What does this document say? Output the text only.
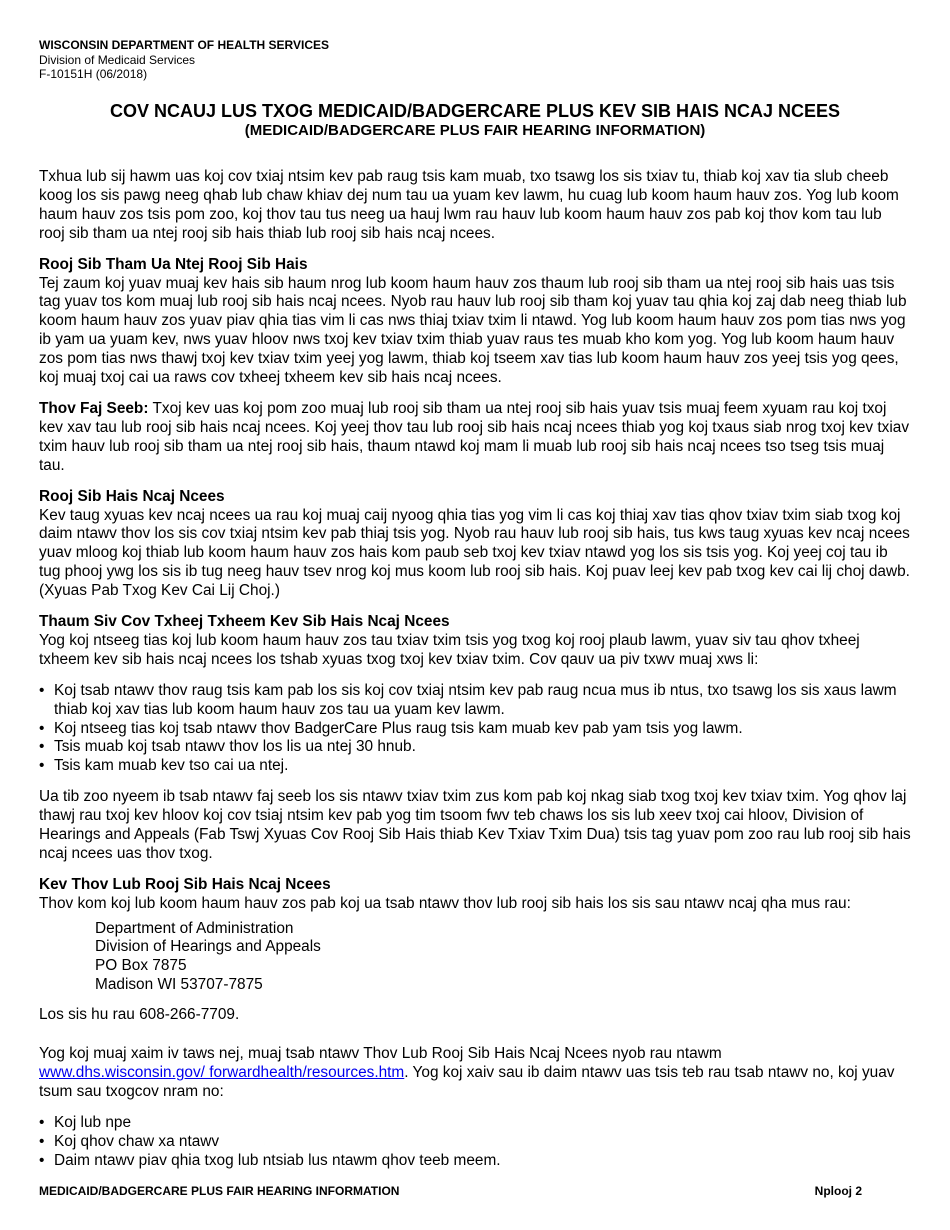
WISCONSIN DEPARTMENT OF HEALTH SERVICES
Division of Medicaid Services
F-10151H (06/2018)
COV NCAUJ LUS TXOG MEDICAID/BADGERCARE PLUS KEV SIB HAIS NCAJ NCEES
(MEDICAID/BADGERCARE PLUS FAIR HEARING INFORMATION)

Txhua lub sij hawm uas koj cov txiaj ntsim kev pab raug tsis kam muab, txo tsawg los sis txiav tu, thiab koj xav tia slub cheeb koog los sis pawg neeg qhab lub chaw khiav dej num tau ua yuam kev lawm, hu cuag lub koom haum hauv zos. Yog lub koom haum hauv zos tsis pom zoo, koj thov tau tus neeg ua hauj lwm rau hauv lub koom haum hauv zos pab koj thov kom tau lub rooj sib tham ua ntej rooj sib hais thiab lub rooj sib hais ncaj ncees.

Rooj Sib Tham Ua Ntej Rooj Sib Hais

Tej zaum koj yuav muaj kev hais sib haum nrog lub koom haum hauv zos thaum lub rooj sib tham ua ntej rooj sib hais uas tsis tag yuav tos kom muaj lub rooj sib hais ncaj ncees. Nyob rau hauv lub rooj sib tham koj yuav tau qhia koj zaj dab neeg thiab lub koom haum hauv zos yuav piav qhia tias vim li cas nws thiaj txiav txim li ntawd. Yog lub koom haum hauv zos pom tias nws yog ib yam ua yuam kev, nws yuav hloov nws txoj kev txiav txim thiab yuav raus tes muab kho kom yog. Yog lub koom haum hauv zos pom tias nws thawj txoj kev txiav txim yeej yog lawm, thiab koj tseem xav tias lub koom haum hauv zos yeej tsis yog qees, koj muaj txoj cai ua raws cov txheej txheem kev sib hais ncaj ncees.

Thov Faj Seeb: Txoj kev uas koj pom zoo muaj lub rooj sib tham ua ntej rooj sib hais yuav tsis muaj feem xyuam rau koj txoj kev xav tau lub rooj sib hais ncaj ncees. Koj yeej thov tau lub rooj sib hais ncaj ncees thiab yog koj txaus siab nrog txoj kev txiav txim hauv lub rooj sib tham ua ntej rooj sib hais, thaum ntawd koj mam li muab lub rooj sib hais ncaj ncees tso tseg tsis muaj tau.

Rooj Sib Hais Ncaj Ncees

Kev taug xyuas kev ncaj ncees ua rau koj muaj caij nyoog qhia tias yog vim li cas koj thiaj xav tias qhov txiav txim siab txog koj daim ntawv thov los sis cov txiaj ntsim kev pab thiaj tsis yog. Nyob rau hauv lub rooj sib hais, tus kws taug xyuas kev ncaj ncees yuav mloog koj thiab lub koom haum hauv zos hais kom paub seb txoj kev txiav ntawd yog los sis tsis yog. Koj yeej coj tau ib tug phooj ywg los sis ib tug neeg hauv tsev nrog koj mus koom lub rooj sib hais. Koj puav leej kev pab txog kev cai lij choj dawb. (Xyuas Pab Txog Kev Cai Lij Choj.)

Thaum Siv Cov Txheej Txheem Kev Sib Hais Ncaj Ncees

Yog koj ntseeg tias koj lub koom haum hauv zos tau txiav txim tsis yog txog koj rooj plaub lawm, yuav siv tau qhov txheej txheem kev sib hais ncaj ncees los tshab xyuas txog txoj kev txiav txim. Cov qauv ua piv txwv muaj xws li:

• Koj tsab ntawv thov raug tsis kam pab los sis koj cov txiaj ntsim kev pab raug ncua mus ib ntus, txo tsawg los sis xaus lawm thiab koj xav tias lub koom haum hauv zos tau ua yuam kev lawm.
• Koj ntseeg tias koj tsab ntawv thov BadgerCare Plus raug tsis kam muab kev pab yam tsis yog lawm.
• Tsis muab koj tsab ntawv thov los lis ua ntej 30 hnub.
• Tsis kam muab kev tso cai ua ntej.

Ua tib zoo nyeem ib tsab ntawv faj seeb los sis ntawv txiav txim zus kom pab koj nkag siab txog txoj kev txiav txim. Yog qhov laj thawj rau txoj kev hloov koj cov tsiaj ntsim kev pab yog tim tsoom fwv teb chaws los sis lub xeev txoj cai hloov, Division of Hearings and Appeals (Fab Tswj Xyuas Cov Rooj Sib Hais thiab Kev Txiav Txim Dua) tsis tag yuav pom zoo rau lub rooj sib hais ncaj ncees uas thov txog.

Kev Thov Lub Rooj Sib Hais Ncaj Ncees

Thov kom koj lub koom haum hauv zos pab koj ua tsab ntawv thov lub rooj sib hais los sis sau ntawv ncaj qha mus rau:

Department of Administration
Division of Hearings and Appeals
PO Box 7875
Madison WI 53707-7875

Los sis hu rau 608-266-7709.

Yog koj muaj xaim iv taws nej, muaj tsab ntawv Thov Lub Rooj Sib Hais Ncaj Ncees nyob rau ntawm
www.dhs.wisconsin.gov/ forwardhealth/resources.htm. Yog koj xaiv sau ib daim ntawv uas tsis teb rau tsab ntawv no, koj yuav tsum sau txogcov nram no:

• Koj lub npe
• Koj qhov chaw xa ntawv
• Daim ntawv piav qhia txog lub ntsiab lus ntawm qhov teeb meem.
MEDICAID/BADGERCARE PLUS FAIR HEARING INFORMATION	Nplooj 2
